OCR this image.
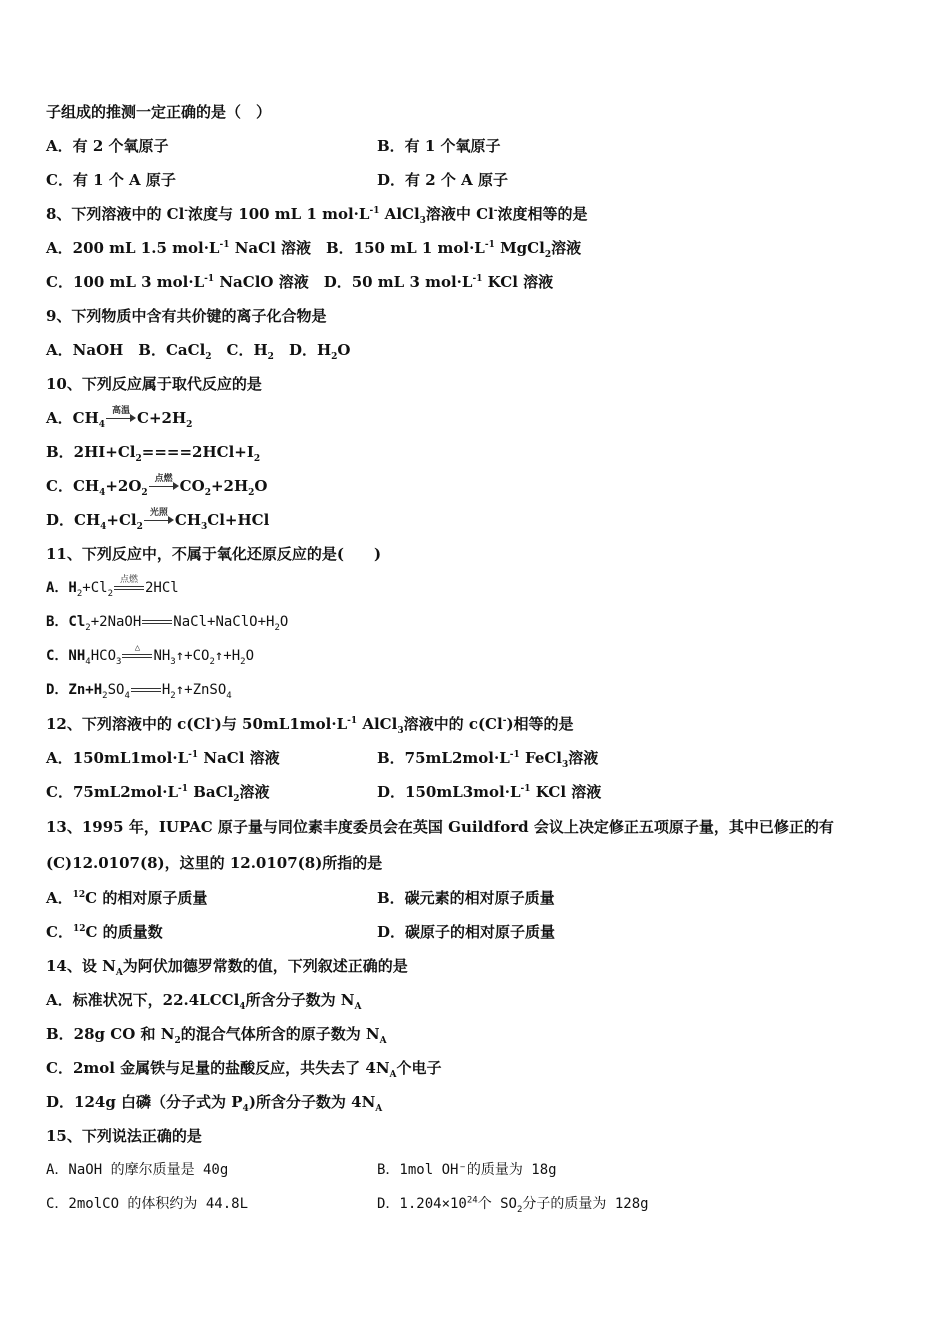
子组成的推测一定正确的是（　）
A．有 2 个氧原子	B．有 1 个氧原子
C．有 1 个 A 原子	D．有 2 个 A 原子
8、下列溶液中的 Cl-浓度与 100 mL 1 $mol\cdot L^{-1}$ AlCl$_3$溶液中 Cl-浓度相等的是
A．200 mL 1.5 $mol\cdot L^{-1}$ NaCl 溶液　B．150 mL 1 $mol\cdot L^{-1}$ MgCl$_2$溶液
C．100 mL 3 $mol\cdot L^{-1}$ NaClO 溶液　D．50 mL 3 $mol\cdot L^{-1}$ KCl 溶液
9、下列物质中含有共价键的离子化合物是
A．NaOH　B．CaCl$_2$　C．$H_2$　D．$H_2O$
10、下列反应属于取代反应的是
A．$CH_4$
高温 $C+2H_2$
B．$2HI+Cl_2====2HCl+I_2$
C．$CH_4+2O_2$
点燃 $CO_2+2H_2O$
D．$CH_4+Cl_2$
光照 $CH_3Cl+HCl$
11、下列反应中，不属于氧化还原反应的是(　　)
A．$H_2+Cl_2$
点燃 2HCl
B．$Cl_2+2NaOH$ $NaCl+NaClO+H_2O$
C．$NH_4HCO_3$
△ $NH_3↑+CO_2↑+H_2O$
D．$Zn+H_2SO_4$ $H_2↑+ZnSO_4$
12、下列溶液中的 c(Cl-)与 $50mL1mol\cdot L^{-1}$ AlCl$_3$溶液中的 c(Cl-)相等的是
A．$150mL1mol\cdot L^{-1}$ NaCl 溶液	B．$75mL2mol\cdot L^{-1}$ FeCl$_3$溶液
C．$75mL2mol\cdot L^{-1}$ BaCl$_2$溶液	D．$150mL3mol\cdot L^{-1}$ KCl 溶液
13、1995 年，IUPAC 原子量与同位素丰度委员会在英国 Guildford 会议上决定修正五项原子量，其中已修正的有
(C)12.0107(8)，这里的 12.0107(8)所指的是
A．$^{12}$C 的相对原子质量	B．碳元素的相对原子质量
C．$^{12}$C 的质量数	D．碳原子的相对原子质量
14、设 $N_A$为阿伏加德罗常数的值，下列叙述正确的是
A．标准状况下，22.4LCCl$_4$所含分子数为 $N_A$
B．28g CO 和 $N_2$的混合气体所含的原子数为 $N_A$
C．2mol 金属铁与足量的盐酸反应，共失去了 $4N_A$个电子
D．124g 白磷（分子式为 $P_4$)所含分子数为 $4N_A$
15、下列说法正确的是
A．NaOH 的摩尔质量是 40g	B．1mol OH⁻的质量为 18g
C．2molCO 的体积约为 44.8L	D．$1.204\times 10^{24}$个 $SO_2$分子的质量为 128g
